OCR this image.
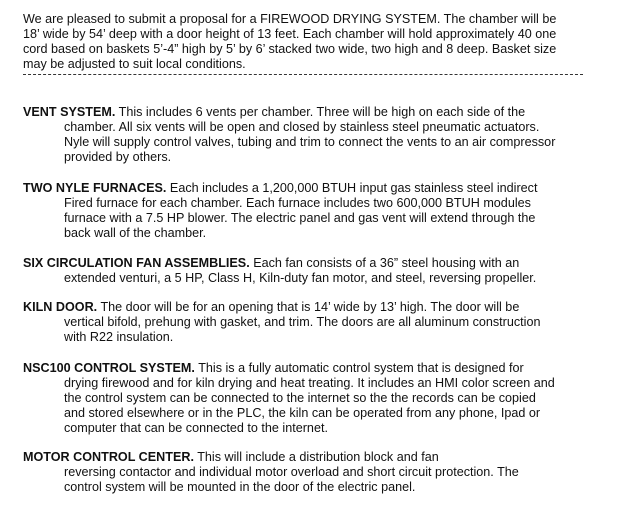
We are pleased to submit a proposal for a FIREWOOD DRYING SYSTEM. The chamber will be

18’ wide by 54’ deep with a door height of 13 feet. Each chamber will hold approximately 40 one

cord based on baskets 5’-4” high by 5’ by 6’ stacked two wide, two high and 8 deep. Basket size

may be adjusted to suit local conditions.

VENT SYSTEM. This includes 6 vents per chamber. Three will be high on each side of the
chamber. All six vents will be open and closed by stainless steel pneumatic actuators.
Nyle will supply control valves, tubing and trim to connect the vents to an air compressor
provided by others.
TWO NYLE FURNACES. Each includes a 1,200,000 BTUH input gas stainless steel indirect
Fired furnace for each chamber. Each furnace includes two 600,000 BTUH modules
furnace with a 7.5 HP blower. The electric panel and gas vent will extend through the
back wall of the chamber.
SIX CIRCULATION FAN ASSEMBLIES. Each fan consists of a 36” steel housing with an
extended venturi, a 5 HP, Class H, Kiln-duty fan motor, and steel, reversing propeller.
KILN DOOR. The door will be for an opening that is 14’ wide by 13’ high. The door will be
vertical bifold, prehung with gasket, and trim. The doors are all aluminum construction
with R22 insulation.
NSC100 CONTROL SYSTEM. This is a fully automatic control system that is designed for
drying firewood and for kiln drying and heat treating. It includes an HMI color screen and
the control system can be connected to the internet so the the records can be copied
and stored elsewhere or in the PLC, the kiln can be operated from any phone, Ipad or
computer that can be connected to the internet.
MOTOR CONTROL CENTER. This will include a distribution block and fan
reversing contactor and individual motor overload and short circuit protection. The
control system will be mounted in the door of the electric panel.
